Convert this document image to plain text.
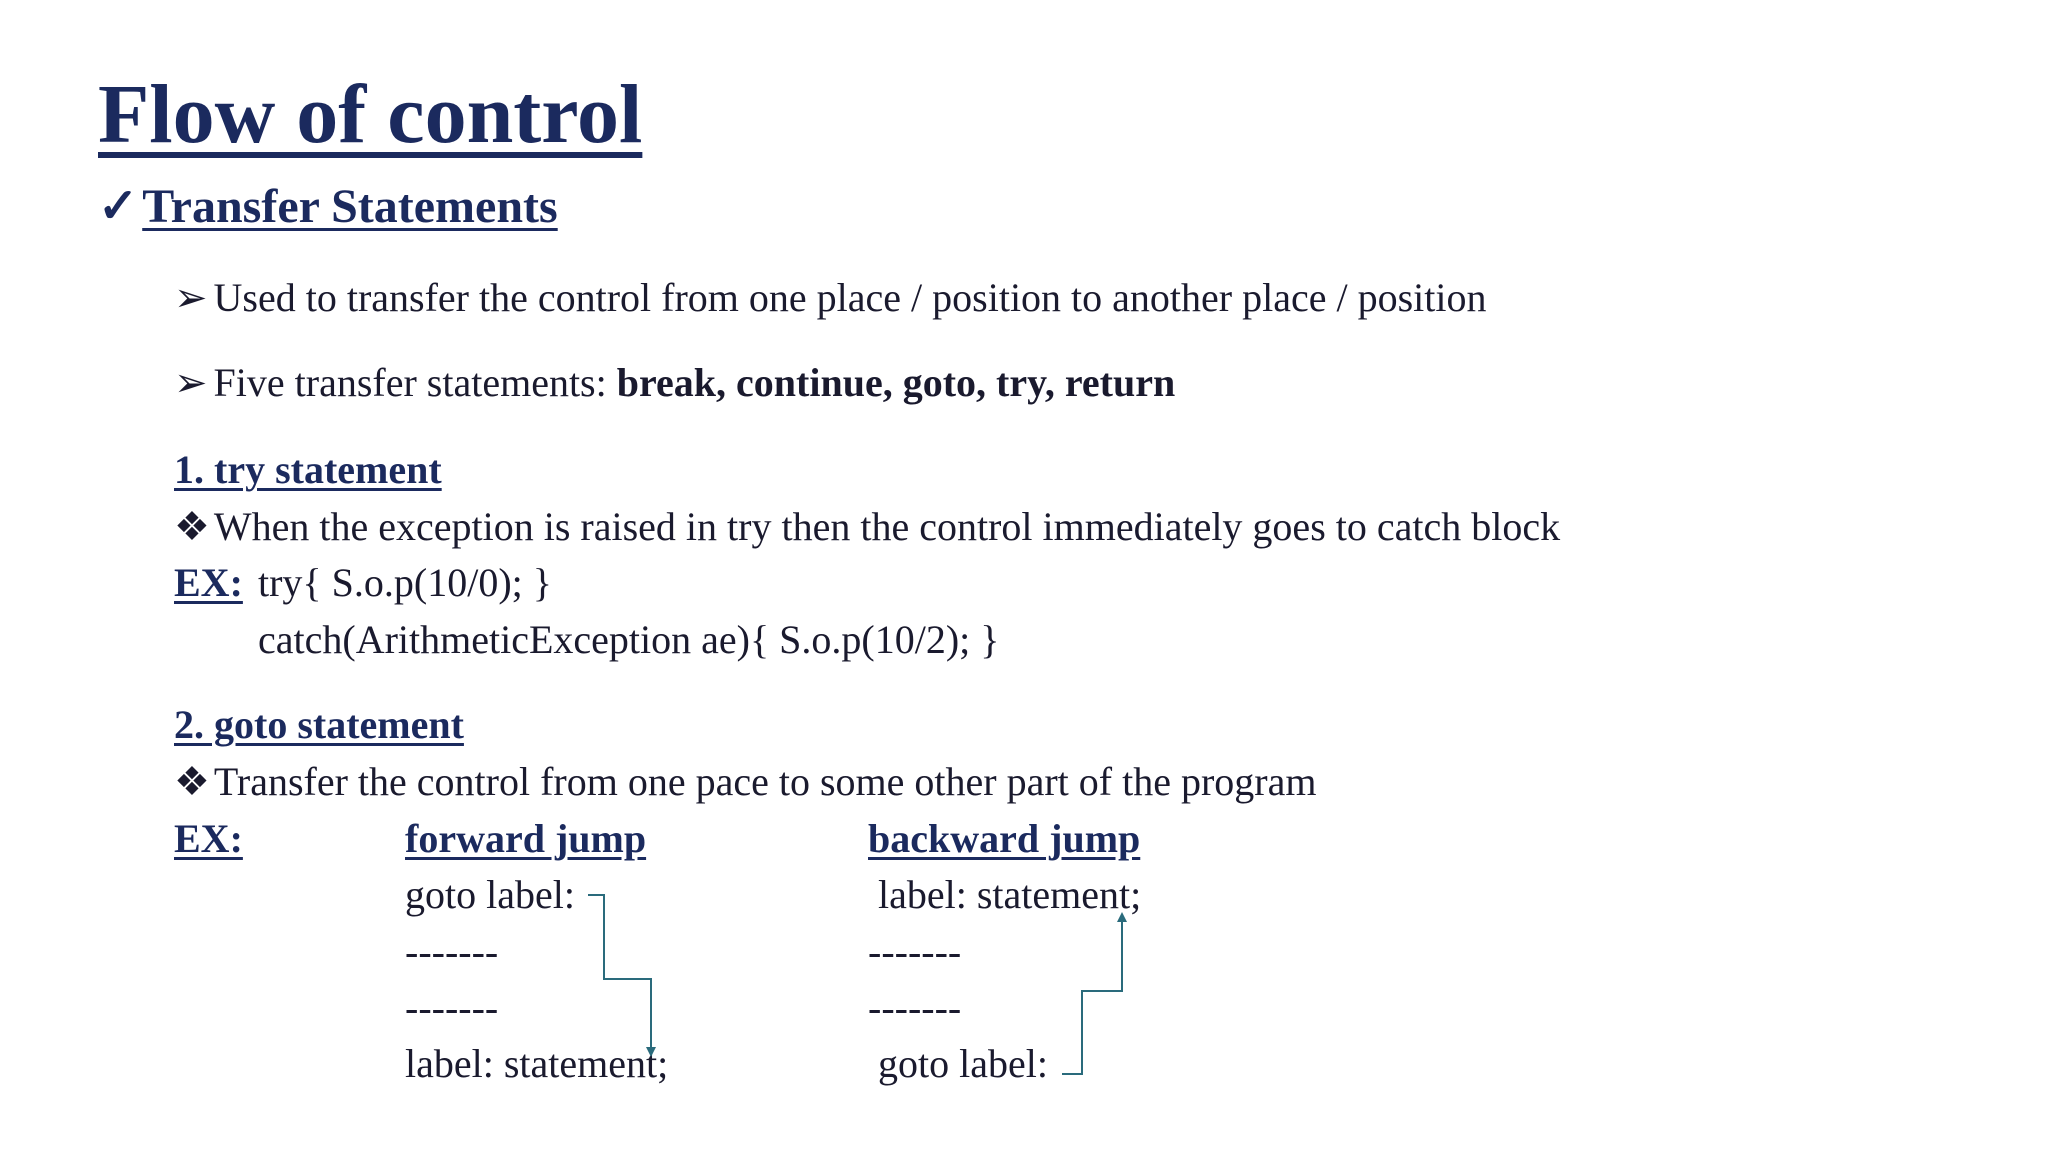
Flow of control
✓Transfer Statements
➢ Used to transfer the control from one place / position to another place / position
➢ Five transfer statements: break, continue, goto, try, return
1. try statement
❖ When the exception is raised in try then the control immediately goes to catch block
EX: try{ S.o.p(10/0); }
catch(ArithmeticException ae){ S.o.p(10/2); }
2. goto statement
❖ Transfer the control from one pace to some other part of the program
EX:	forward jump
goto label:
-------
-------
label: statement;
backward jump
label: statement;
-------
-------
goto label:
